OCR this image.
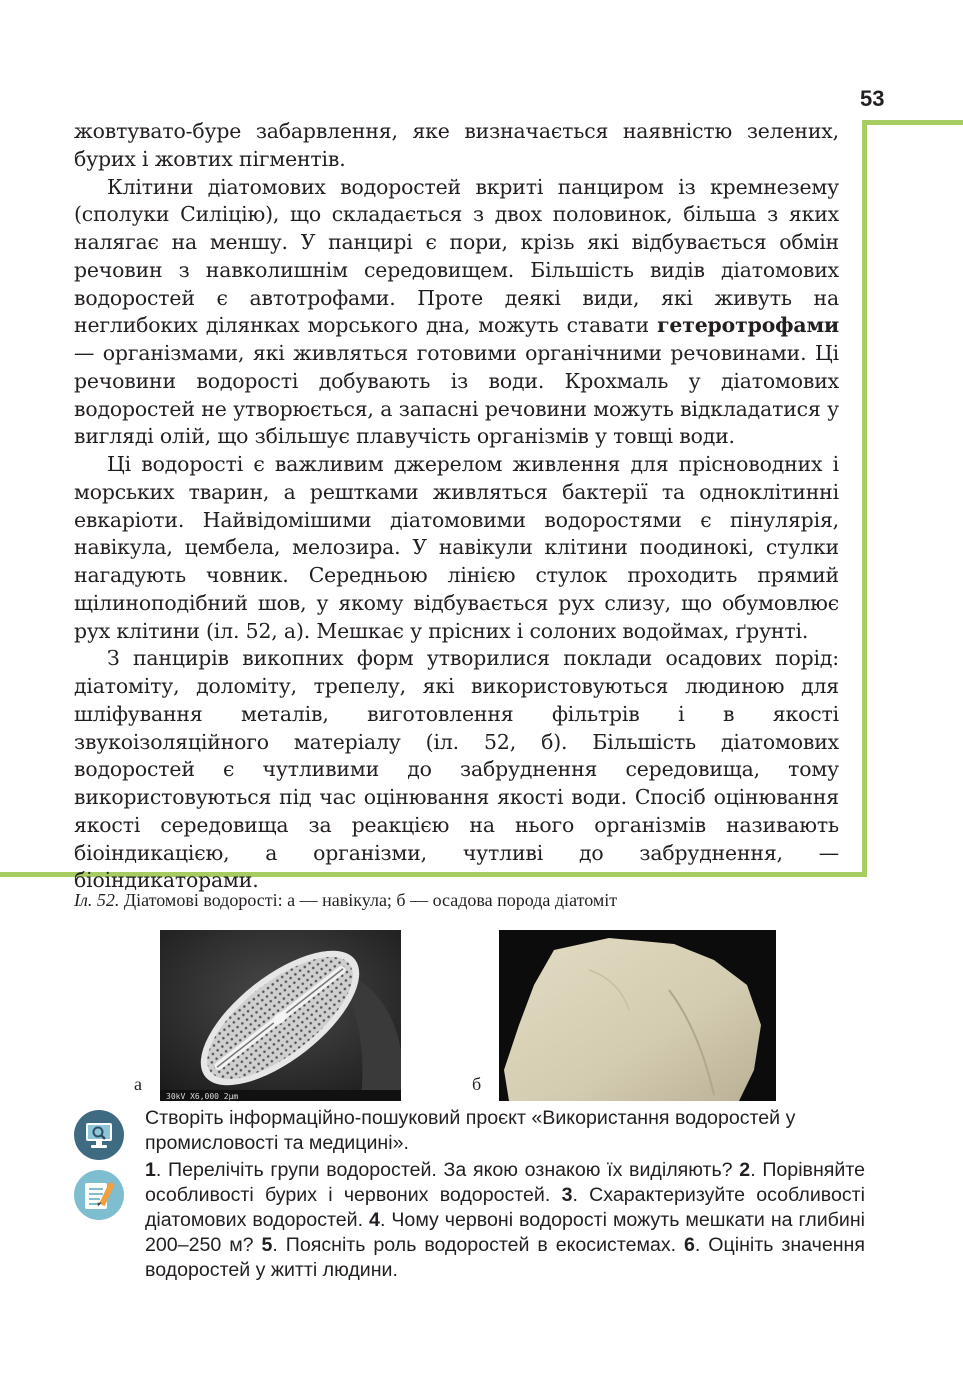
53

жовтувато-буре забарвлення, яке визначається наявністю зелених, бурих і жовтих пігментів.

Клітини діатомових водоростей вкриті панциром із кремнезему (сполуки Силіцію), що складається з двох половинок, більша з яких налягає на меншу. У панцирі є пори, крізь які відбувається обмін речовин з навколишнім середовищем. Більшість видів діатомових водоростей є автотрофами. Проте деякі види, які живуть на неглибоких ділянках морського дна, можуть ставати гетеротрофами — організмами, які живляться готовими органічними речовинами. Ці речовини водорості добувають із води. Крохмаль у діатомових водоростей не утворюється, а запасні речовини можуть відкладатися у вигляді олій, що збільшує плавучість організмів у товщі води.

Ці водорості є важливим джерелом живлення для прісноводних і морських тварин, а рештками живляться бактерії та одноклітинні евкаріоти. Найвідомішими діатомовими водоростями є пінулярія, навікула, цембела, мелозира. У навікули клітини поодинокі, стулки нагадують човник. Середньою лінією стулок проходить прямий щілиноподібний шов, у якому відбувається рух слизу, що обумовлює рух клітини (іл. 52, а). Мешкає у прісних і солоних водоймах, ґрунті.

З панцирів викопних форм утворилися поклади осадових порід: діатоміту, доломіту, трепелу, які використовуються людиною для шліфування металів, виготовлення фільтрів і в якості звукоізоляційного матеріалу (іл. 52, б). Більшість діатомових водоростей є чутливими до забруднення середовища, тому використовуються під час оцінювання якості води. Спосіб оцінювання якості середовища за реакцією на нього організмів називають біоіндикацією, а організми, чутливі до забруднення, — біоіндикаторами.

Іл. 52. Діатомові водорості: а — навікула; б — осадова порода діатоміт
а
30kV X6,000 2μm
б
Створіть інформаційно-пошуковий проєкт «Використання водоростей у промисловості та медицині».
1. Перелічіть групи водоростей. За якою ознакою їх виділяють? 2. Порівняйте особливості бурих і червоних водоростей. 3. Схарактеризуйте особливості діатомових водоростей. 4. Чому червоні водорості можуть мешкати на глибині 200–250 м? 5. Поясніть роль водоростей в екосистемах. 6. Оцініть значення водоростей у житті людини.
